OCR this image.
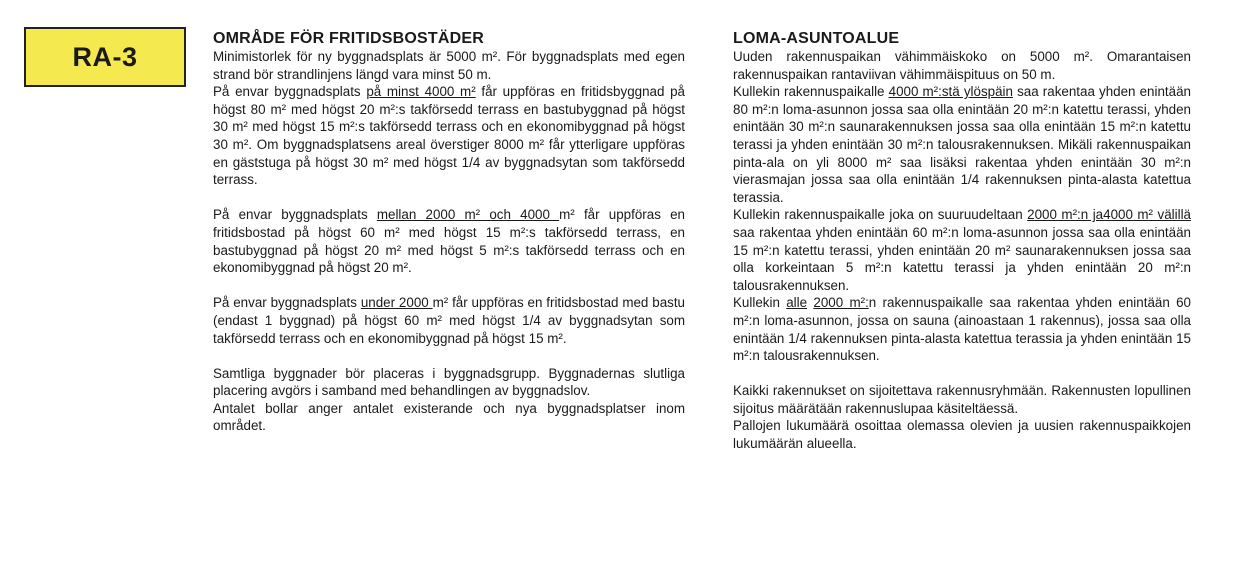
RA-3
OMRÅDE FÖR FRITIDSBOSTÄDER

Minimistorlek för ny byggnadsplats är 5000 m². För byggnadsplats med egen strand bör strandlinjens längd vara minst 50 m.

På envar byggnadsplats på minst 4000 m² får uppföras en fritidsbyggnad på högst 80 m² med högst 20 m²:s takförsedd terrass en bastubyggnad på högst 30 m² med högst 15 m²:s takförsedd terrass och en ekonomibyggnad på högst 30 m². Om byggnadsplatsens areal överstiger 8000 m² får ytterligare uppföras en gäststuga på högst 30 m² med högst 1/4 av byggnadsytan som takförsedd terrass.

På envar byggnadsplats mellan 2000 m² och 4000 m² får uppföras en fritidsbostad på högst 60 m² med högst 15 m²:s takförsedd terrass, en bastubyggnad på högst 20 m² med högst 5 m²:s takförsedd terrass och en ekonomibyggnad på högst 20 m².

På envar byggnadsplats under 2000 m² får uppföras en fritidsbostad med bastu (endast 1 byggnad) på högst 60 m² med högst 1/4 av byggnadsytan som takförsedd terrass och en ekonomibyggnad på högst 15 m².

Samtliga byggnader bör placeras i byggnadsgrupp. Byggnadernas slutliga placering avgörs i samband med behandlingen av byggnadslov.

Antalet bollar anger antalet existerande och nya byggnadsplatser inom området.

LOMA-ASUNTOALUE

Uuden rakennuspaikan vähimmäiskoko on 5000 m². Omarantaisen rakennuspaikan rantaviivan vähimmäispituus on 50 m.

Kullekin rakennuspaikalle 4000 m²:stä ylöspäin saa rakentaa yhden enintään 80 m²:n loma-asunnon jossa saa olla enintään 20 m²:n katettu terassi, yhden enintään 30 m²:n saunarakennuksen jossa saa olla enintään 15 m²:n katettu terassi ja yhden enintään 30 m²:n talousrakennuksen. Mikäli rakennuspaikan pinta-ala on yli 8000 m² saa lisäksi rakentaa yhden enintään 30 m²:n vierasmajan jossa saa olla enintään 1/4 rakennuksen pinta-alasta katettua terassia.

Kullekin rakennuspaikalle joka on suuruudeltaan 2000 m²:n ja4000 m² välillä saa rakentaa yhden enintään 60 m²:n loma-asunnon jossa saa olla enintään 15 m²:n katettu terassi, yhden enintään 20 m² saunarakennuksen jossa saa olla korkeintaan 5 m²:n katettu terassi ja yhden enintään 20 m²:n talousrakennuksen.

Kullekin alle 2000 m²:n rakennuspaikalle saa rakentaa yhden enintään 60 m²:n loma-asunnon, jossa on sauna (ainoastaan 1 rakennus), jossa saa olla enintään 1/4 rakennuksen pinta-alasta katettua terassia ja yhden enintään 15 m²:n talousrakennuksen.

Kaikki rakennukset on sijoitettava rakennusryhmään. Rakennusten lopullinen sijoitus määrätään rakennuslupaa käsiteltäessä.

Pallojen lukumäärä osoittaa olemassa olevien ja uusien rakennuspaikkojen lukumäärän alueella.
